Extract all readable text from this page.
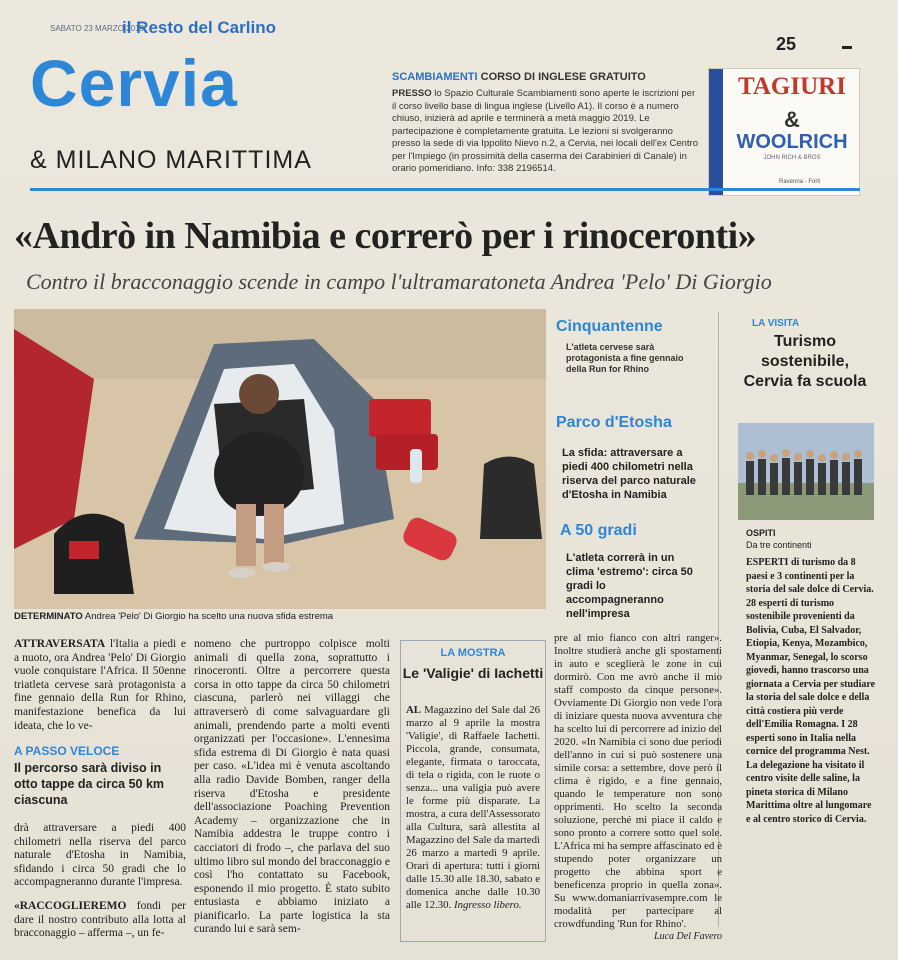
SABATO 23 MARZO 2019
il Resto del Carlino
25
Cervia
& MILANO MARITTIMA
SCAMBIAMENTI CORSO DI INGLESE GRATUITO
PRESSO lo Spazio Culturale Scambiamenti sono aperte le iscrizioni per il corso livello base di lingua inglese (Livello A1). Il corso è a numero chiuso, inizierà ad aprile e terminerà a metà maggio 2019. Le partecipazione è completamente gratuita. Le lezioni si svolgeranno presso la sede di via Ippolito Nievo n.2, a Cervia, nei locali dell'ex Centro per l'Impiego (in prossimità della caserma dei Carabinieri di Canale) in orario pomeridiano. Info: 338 2196514.
TAGIURI
&
WOOLRICH
JOHN RICH & BROS
Ravenna - Forlì
«Andrò in Namibia e correrò per i rinoceronti»
Contro il bracconaggio scende in campo l'ultramaratoneta Andrea 'Pelo' Di Giorgio
DETERMINATO Andrea 'Pelo' Di Giorgio ha scelto una nuova sfida estrema
Cinquantenne
L'atleta cervese sarà protagonista a fine gennaio della Run for Rhino
Parco d'Etosha
La sfida: attraversare a piedi 400 chilometri nella riserva del parco naturale d'Etosha in Namibia
A 50 gradi
L'atleta correrà in un clima 'estremo': circa 50 gradi lo accompagneranno nell'impresa
LA VISITA
Turismo sostenibile, Cervia fa scuola
OSPITI
Da tre continenti
ESPERTI di turismo da 8 paesi e 3 continenti per la storia del sale dolce di Cervia. 28 esperti di turismo sostenibile provenienti da Bolivia, Cuba, El Salvador, Etiopia, Kenya, Mozambico, Myanmar, Senegal, lo scorso giovedì, hanno trascorso una giornata a Cervia per studiare la storia del sale dolce e della città costiera più verde dell'Emilia Romagna. I 28 esperti sono in Italia nella cornice del programma Nest. La delegazione ha visitato il centro visite delle saline, la pineta storica di Milano Marittima oltre al lungomare e al centro storico di Cervia.
ATTRAVERSATA l'Italia a piedi e a nuoto, ora Andrea 'Pelo' Di Giorgio vuole conquistare l'Africa. Il 50enne triatleta cervese sarà protagonista a fine gennaio della Run for Rhino, manifestazione benefica da lui ideata, che lo ve-
A PASSO VELOCE
Il percorso sarà diviso in otto tappe da circa 50 km ciascuna
drà attraversare a piedi 400 chilometri nella riserva del parco naturale d'Etosha in Namibia, sfidando i circa 50 gradi che lo accompagneranno durante l'impresa.
«RACCOGLIEREMO fondi per dare il nostro contributo alla lotta al bracconaggio – afferma –, un fe-
nomeno che purtroppo colpisce molti animali di quella zona, soprattutto i rinoceronti. Oltre a percorrere questa corsa in otto tappe da circa 50 chilometri ciascuna, parlerò nei villaggi che attraverserò di come salvaguardare gli animali, prendendo parte a molti eventi organizzati per l'occasione». L'ennesima sfida estrema di Di Giorgio è nata quasi per caso. «L'idea mi è venuta ascoltando alla radio Davide Bomben, ranger della riserva d'Etosha e presidente dell'associazione Poaching Prevention Academy – organizzazione che in Namibia addestra le truppe contro i cacciatori di frodo –, che parlava del suo ultimo libro sul mondo del bracconaggio e così l'ho contattato su Facebook, esponendo il mio progetto. È stato subito entusiasta e abbiamo iniziato a pianificarlo. La parte logistica la sta curando lui e sarà sem-
LA MOSTRA
Le 'Valigie' di Iachetti
AL Magazzino del Sale dal 26 marzo al 9 aprile la mostra 'Valigie', di Raffaele Iachetti. Piccola, grande, consumata, elegante, firmata o taroccata, di tela o rigida, con le ruote o senza... una valigia può avere le forme più disparate. La mostra, a cura dell'Assessorato alla Cultura, sarà allestita al Magazzino del Sale da martedì 26 marzo a martedì 9 aprile. Orari di apertura: tutti i giorni dalle 15.30 alle 18.30, sabato e domenica anche dalle 10.30 alle 12.30. Ingresso libero.
pre al mio fianco con altri ranger». Inoltre studierà anche gli spostamenti in auto e sceglierà le zone in cui dormirò. Con me avrò anche il mio staff composto da cinque persone». Ovviamente Di Giorgio non vede l'ora di iniziare questa nuova avventura che ha scelto lui di percorrere ad inizio del 2020. «In Namibia ci sono due periodi dell'anno in cui si può sostenere una simile corsa: a settembre, dove però il clima è rigido, e a fine gennaio, quando le temperature non sono opprimenti. Ho scelto la seconda soluzione, perché mi piace il caldo e sono pronto a correre sotto quel sole. L'Africa mi ha sempre affascinato ed è stupendo poter organizzare un progetto che abbina sport e beneficenza proprio in quella zona». Su www.domaniarrivasempre.com le modalità per partecipare al crowdfunding 'Run for Rhino'.
Luca Del Favero
